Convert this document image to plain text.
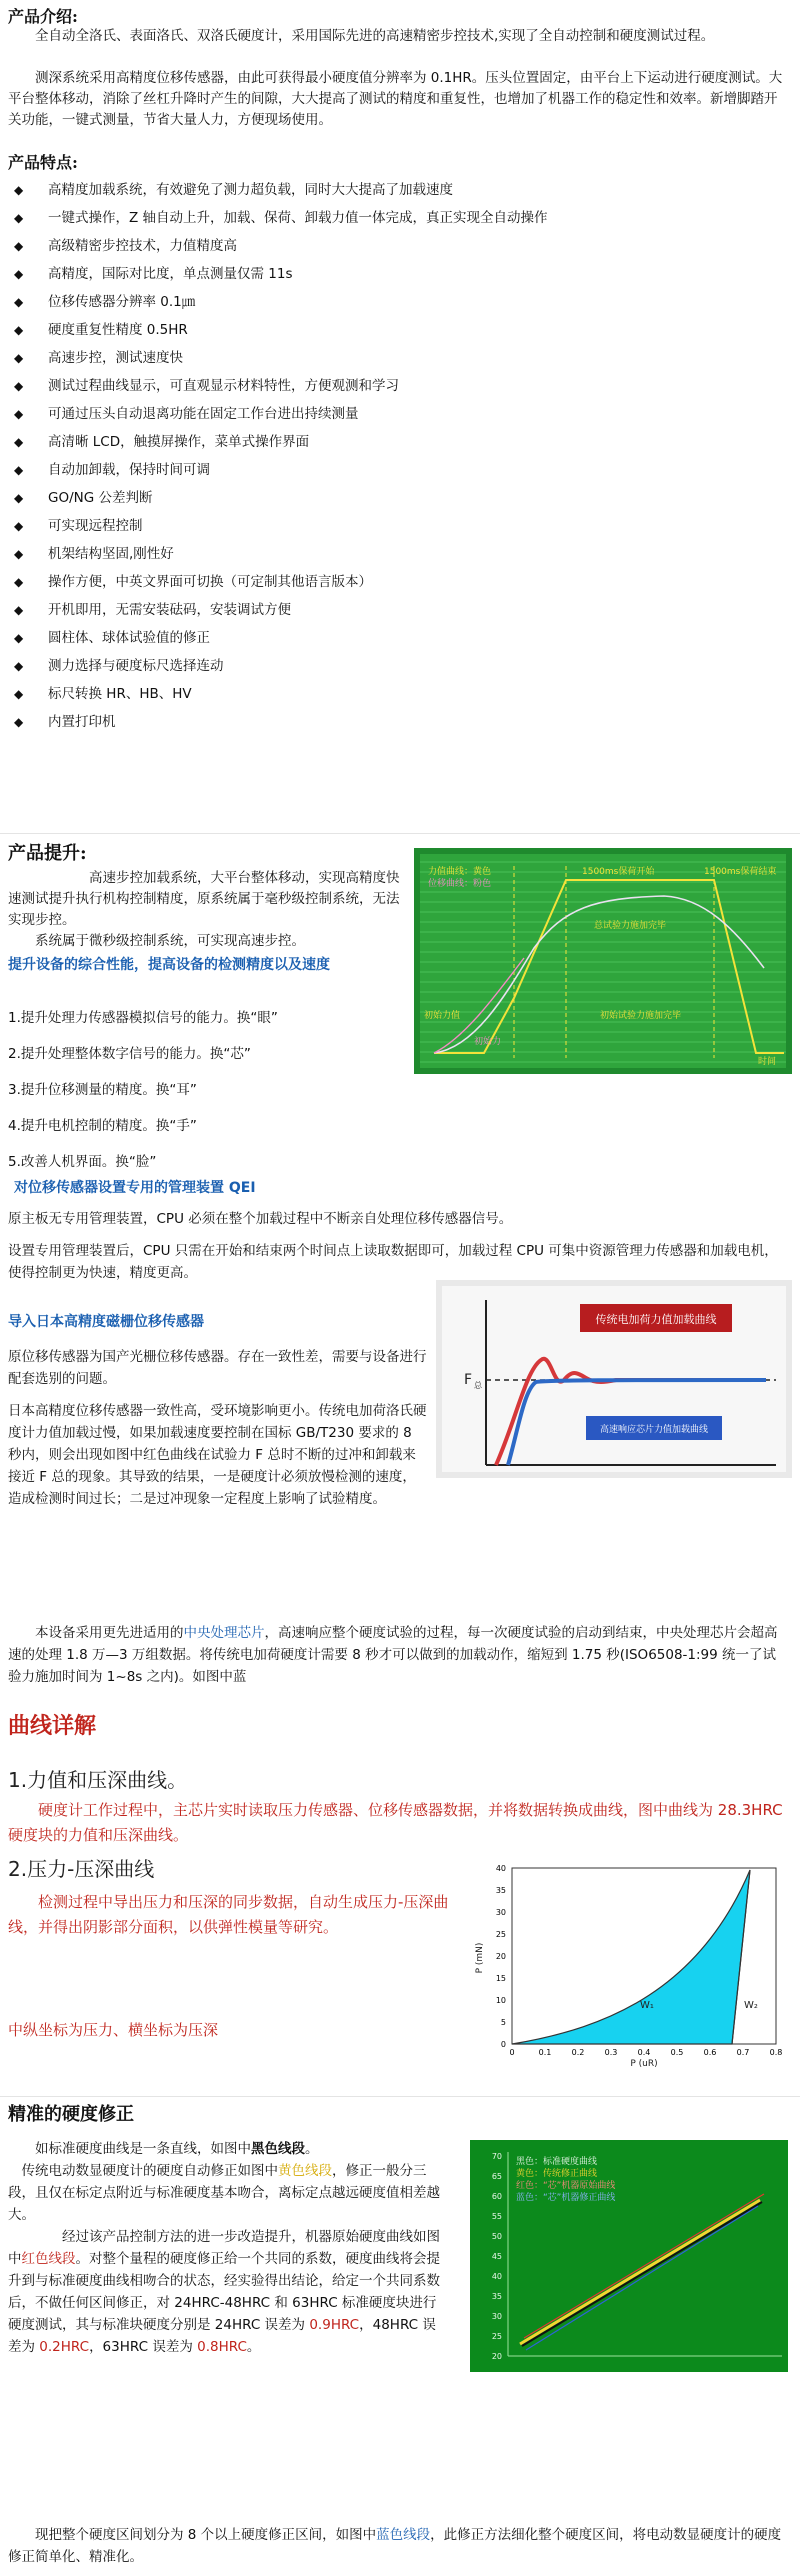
产品介绍:
全自动全洛氏、表面洛氏、双洛氏硬度计，采用国际先进的高速精密步控技术,实现了全自动控制和硬度测试过程。
测深系统采用高精度位移传感器，由此可获得最小硬度值分辨率为 0.1HR。压头位置固定，由平台上下运动进行硬度测试。大平台整体移动，消除了丝杠升降时产生的间隙，大大提高了测试的精度和重复性，也增加了机器工作的稳定性和效率。新增脚踏开关功能，一键式测量，节省大量人力，方便现场使用。
产品特点:
◆ 高精度加载系统，有效避免了测力超负载，同时大大提高了加载速度
◆ 一键式操作，Z 轴自动上升，加载、保荷、卸载力值一体完成，真正实现全自动操作
◆ 高级精密步控技术，力值精度高
◆ 高精度，国际对比度，单点测量仅需 11s
◆ 位移传感器分辨率 0.1㎛
◆ 硬度重复性精度 0.5HR
◆ 高速步控，测试速度快
◆ 测试过程曲线显示，可直观显示材料特性，方便观测和学习
◆ 可通过压头自动退离功能在固定工作台进出持续测量
◆ 高清晰 LCD，触摸屏操作，菜单式操作界面
◆ 自动加卸载，保持时间可调
◆ GO/NG 公差判断
◆ 可实现远程控制
◆ 机架结构坚固,刚性好
◆ 操作方便，中英文界面可切换（可定制其他语言版本）
◆ 开机即用，无需安装砝码，安装调试方便
◆ 圆柱体、球体试验值的修正
◆ 测力选择与硬度标尺选择连动
◆ 标尺转换 HR、HB、HV
◆ 内置打印机
产品提升:
高速步控加载系统，大平台整体移动，实现高精度快速测试提升执行机构控制精度，原系统属于毫秒级控制系统，无法实现步控。
系统属于微秒级控制系统，可实现高速步控。
提升设备的综合性能，提高设备的检测精度以及速度
1.提升处理力传感器模拟信号的能力。换“眼”
2.提升处理整体数字信号的能力。换“芯”
3.提升位移测量的精度。换“耳”
4.提升电机控制的精度。换“手”
5.改善人机界面。换“脸”
对位移传感器设置专用的管理装置 QEI
原主板无专用管理装置，CPU 必须在整个加载过程中不断亲自处理位移传感器信号。
设置专用管理装置后，CPU 只需在开始和结束两个时间点上读取数据即可，加载过程 CPU 可集中资源管理力传感器和加载电机，使得控制更为快速，精度更高。
导入日本高精度磁栅位移传感器
原位移传感器为国产光栅位移传感器。存在一致性差，需要与设备进行配套选别的问题。
日本高精度位移传感器一致性高，受环境影响更小。传统电加荷洛氏硬度计力值加载过慢，如果加载速度要控制在国标 GB/T230 要求的 8 秒内，则会出现如图中红色曲线在试验力 F 总时不断的过冲和卸载来接近 F 总的现象。其导致的结果，一是硬度计必须放慢检测的速度，造成检测时间过长；二是过冲现象一定程度上影响了试验精度。
本设备采用更先进适用的中央处理芯片，高速响应整个硬度试验的过程，每一次硬度试验的启动到结束，中央处理芯片会超高速的处理 1.8 万—3 万组数据。将传统电加荷硬度计需要 8 秒才可以做到的加载动作，缩短到 1.75 秒(ISO6508-1:99 统一了试验力施加时间为 1~8s 之内)。如图中蓝
力值曲线：黄色
位移曲线：粉色
1500ms保荷开始	1500ms保荷结束
总试验力施加完毕
初始试验力施加完毕
初始力值
初始力
时间
传统电加荷力值加载曲线
高速响应芯片力值加载曲线
F 总
曲线详解
1.力值和压深曲线。
硬度计工作过程中，主芯片实时读取压力传感器、位移传感器数据，并将数据转换成曲线，图中曲线为 28.3HRC 硬度块的力值和压深曲线。
2.压力-压深曲线
检测过程中导出压力和压深的同步数据，自动生成压力-压深曲线，并得出阴影部分面积，以供弹性模量等研究。
中纵坐标为压力、横坐标为压深
0
5
10
15
20
25
30
35
40
0	0.1	0.2	0.3	0.4	0.5	0.6	0.7	0.8
W₁	W₂
P (mN)
P (uR)
精准的硬度修正
如标准硬度曲线是一条直线，如图中黑色线段。
传统电动数显硬度计的硬度自动修正如图中黄色线段，修正一般分三段，且仅在标定点附近与标准硬度基本吻合，离标定点越远硬度值相差越大。
经过该产品控制方法的进一步改造提升，机器原始硬度曲线如图中红色线段。对整个量程的硬度修正给一个共同的系数，硬度曲线将会提升到与标准硬度曲线相吻合的状态，经实验得出结论，给定一个共同系数后，不做任何区间修正，对 24HRC-48HRC 和 63HRC 标准硬度块进行硬度测试，其与标准块硬度分别是 24HRC 误差为 0.9HRC，48HRC 误差为 0.2HRC，63HRC 误差为 0.8HRC。
现把整个硬度区间划分为 8 个以上硬度修正区间，如图中蓝色线段，此修正方法细化整个硬度区间，将电动数显硬度计的硬度修正简单化、精准化。
70
65
60
55
50
45
40
35
30
25
20
黑色：标准硬度曲线
黄色：传统修正曲线
红色：“芯”机器原始曲线
蓝色：“芯”机器修正曲线
